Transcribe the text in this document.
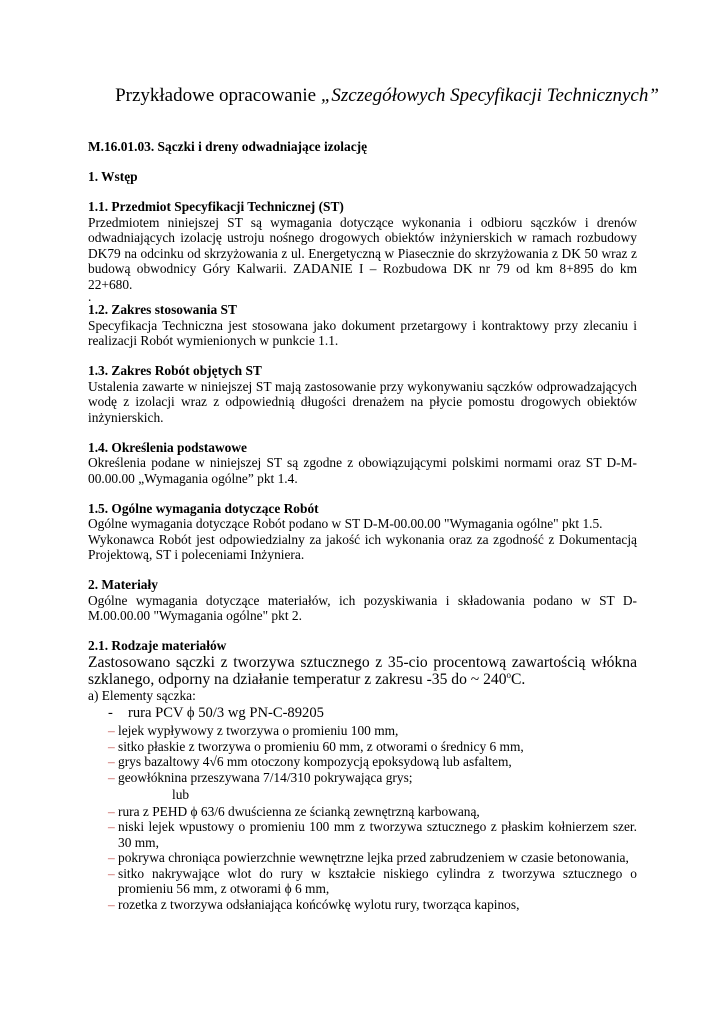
Przykładowe opracowanie „Szczegółowych Specyfikacji Technicznych”

M.16.01.03. Sączki i dreny odwadniające izolację

1. Wstęp

1.1. Przedmiot Specyfikacji Technicznej (ST)

Przedmiotem niniejszej ST są wymagania dotyczące wykonania i odbioru sączków i drenów odwadniających izolację ustroju nośnego drogowych obiektów inżynierskich w ramach rozbudowy DK79 na odcinku od skrzyżowania z ul. Energetyczną w Piasecznie do skrzyżowania z DK 50 wraz z budową obwodnicy Góry Kalwarii. ZADANIE I – Rozbudowa DK nr 79 od km 8+895 do km 22+680.

.

1.2. Zakres stosowania ST

Specyfikacja Techniczna jest stosowana jako dokument przetargowy i kontraktowy przy zlecaniu i realizacji Robót wymienionych w punkcie 1.1.

1.3. Zakres Robót objętych ST

Ustalenia zawarte w niniejszej ST mają zastosowanie przy wykonywaniu sączków odprowadzających wodę z izolacji wraz z odpowiednią długości drenażem na płycie pomostu drogowych obiektów inżynierskich.

1.4. Określenia podstawowe

Określenia podane w niniejszej ST są zgodne z obowiązującymi polskimi normami oraz ST D-M-00.00.00 „Wymagania ogólne” pkt 1.4.

1.5. Ogólne wymagania dotyczące Robót

Ogólne wymagania dotyczące Robót podano w ST D-M-00.00.00 "Wymagania ogólne" pkt 1.5.

Wykonawca Robót jest odpowiedzialny za jakość ich wykonania oraz za zgodność z Dokumentacją Projektową, ST i poleceniami Inżyniera.

2. Materiały

Ogólne wymagania dotyczące materiałów, ich pozyskiwania i składowania podano w ST D-M.00.00.00 "Wymagania ogólne" pkt 2.

2.1. Rodzaje materiałów

Zastosowano sączki z tworzywa sztucznego z 35-cio procentową zawartością włókna szklanego, odporny na działanie temperatur z zakresu -35 do ~ 240$^o$C.

a) Elementy sączka:

-	rura PCV ϕ 50/3 wg PN-C-89205
– lejek wypływowy z tworzywa o promieniu 100 mm,
– sitko płaskie z tworzywa o promieniu 60 mm, z otworami o średnicy 6 mm,
– grys bazaltowy 4√6 mm otoczony kompozycją epoksydową lub asfaltem,
– geowłóknina przeszywana 7/14/310 pokrywająca grys;

lub

– rura z PEHD ϕ 63/6 dwuścienna ze ścianką zewnętrzną karbowaną,
– niski lejek wpustowy o promieniu 100 mm z tworzywa sztucznego z płaskim kołnierzem szer. 30 mm,
– pokrywa chroniąca powierzchnie wewnętrzne lejka przed zabrudzeniem w czasie betonowania,
– sitko nakrywające wlot do rury w kształcie niskiego cylindra z tworzywa sztucznego o promieniu 56 mm, z otworami ϕ 6 mm,
– rozetka z tworzywa odsłaniająca końcówkę wylotu rury, tworząca kapinos,
